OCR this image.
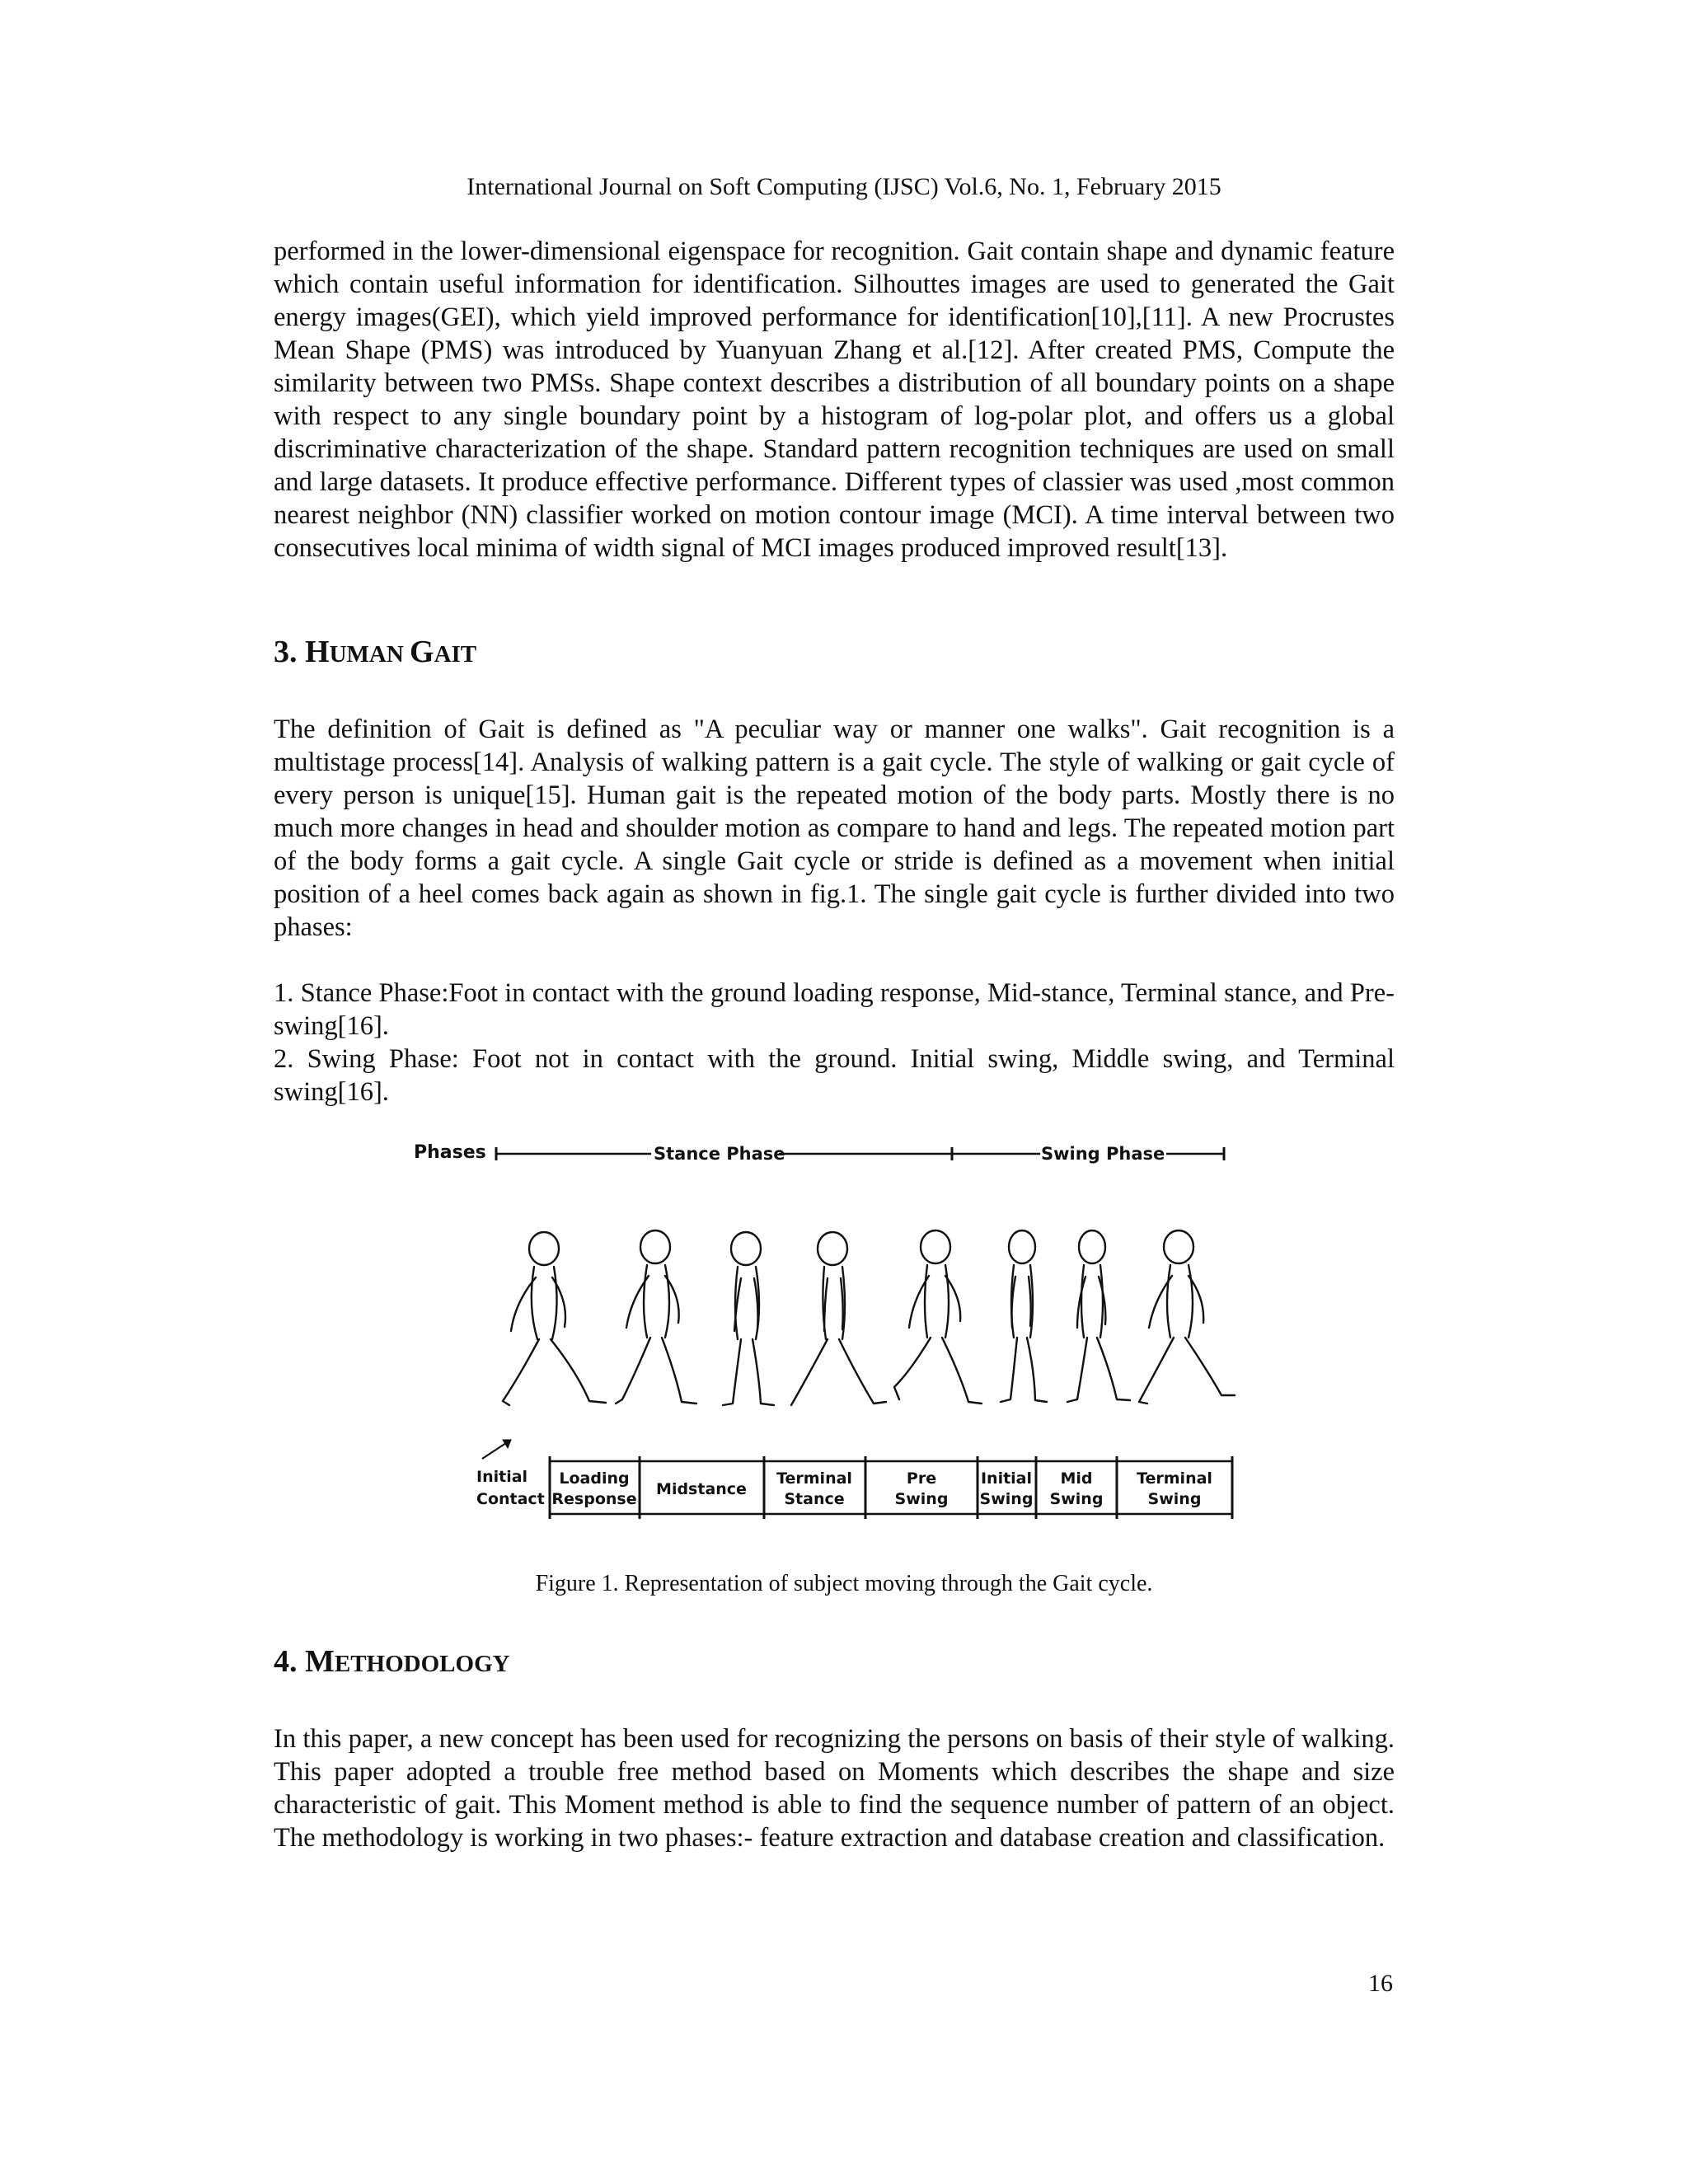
International Journal on Soft Computing (IJSC) Vol.6, No. 1, February 2015

performed in the lower-dimensional eigenspace for recognition. Gait contain shape and dynamic feature which contain useful information for identification. Silhouttes images are used to generated the Gait energy images(GEI), which yield improved performance for identification[10],[11]. A new Procrustes Mean Shape (PMS) was introduced by Yuanyuan Zhang et al.[12]. After created PMS, Compute the similarity between two PMSs. Shape context describes a distribution of all boundary points on a shape with respect to any single boundary point by a histogram of log-polar plot, and offers us a global discriminative characterization of the shape. Standard pattern recognition techniques are used on small and large datasets. It produce effective performance. Different types of classier was used ,most common nearest neighbor (NN) classifier worked on motion contour image (MCI). A time interval between two consecutives local minima of width signal of MCI images produced improved result[13].

3. HUMAN GAIT

The definition of Gait is defined as "A peculiar way or manner one walks". Gait recognition is a multistage process[14]. Analysis of walking pattern is a gait cycle. The style of walking or gait cycle of every person is unique[15]. Human gait is the repeated motion of the body parts. Mostly there is no much more changes in head and shoulder motion as compare to hand and legs. The repeated motion part of the body forms a gait cycle. A single Gait cycle or stride is defined as a movement when initial position of a heel comes back again as shown in fig.1. The single gait cycle is further divided into two phases:

1. Stance Phase:Foot in contact with the ground loading response, Mid-stance, Terminal stance, and Pre-swing[16].

2. Swing Phase: Foot not in contact with the ground. Initial swing, Middle swing, and Terminal swing[16].

Phases	Stance Phase	Swing Phase
Initial
Contact
Loading
Response
Midstance
Terminal
Stance
Pre
Swing
Initial
Swing
Mid
Swing
Terminal
Swing
Figure 1. Representation of subject moving through the Gait cycle.
4. METHODOLOGY

In this paper, a new concept has been used for recognizing the persons on basis of their style of walking. This paper adopted a trouble free method based on Moments which describes the shape and size characteristic of gait. This Moment method is able to find the sequence number of pattern of an object. The methodology is working in two phases:- feature extraction and database creation and classification.

16
